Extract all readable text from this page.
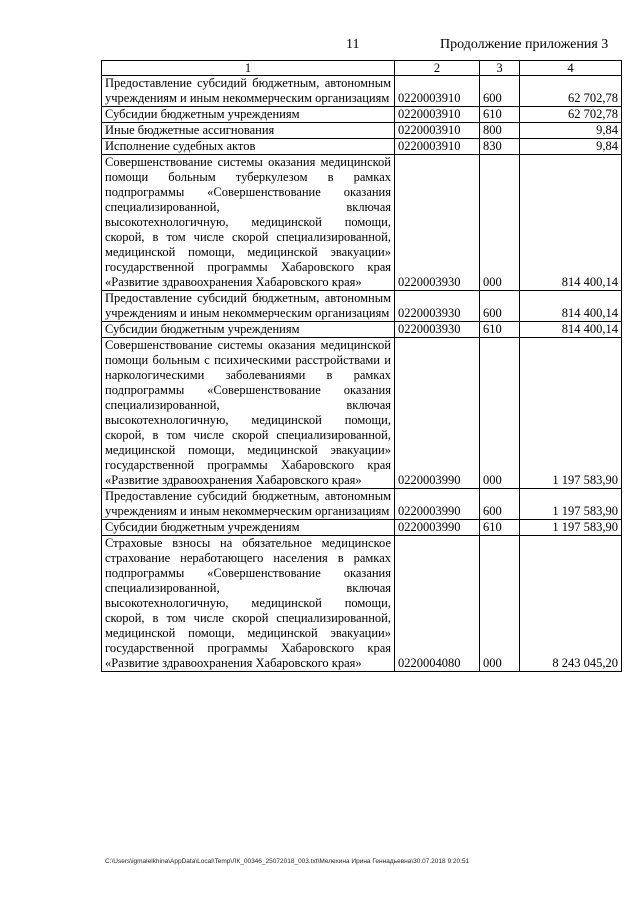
11	Продолжение приложения 3
1	2	3	4
Предоставление субсидий бюджетным, автономным учреждениям и иным некоммерческим организациям	0220003910	600	62 702,78
Субсидии бюджетным учреждениям	0220003910	610	62 702,78
Иные бюджетные ассигнования	0220003910	800	9,84
Исполнение судебных актов	0220003910	830	9,84
Совершенствование системы оказания медицинской помощи больным туберкулезом в рамках подпрограммы «Совершенствование оказания специализированной, включая высокотехнологичную, медицинской помощи, скорой, в том числе скорой специализированной, медицинской помощи, медицинской эвакуации» государственной программы Хабаровского края «Развитие здравоохранения Хабаровского края»	0220003930	000	814 400,14
Предоставление субсидий бюджетным, автономным учреждениям и иным некоммерческим организациям	0220003930	600	814 400,14
Субсидии бюджетным учреждениям	0220003930	610	814 400,14
Совершенствование системы оказания медицинской помощи больным с психическими расстройствами и наркологическими заболеваниями в рамках подпрограммы «Совершенствование оказания специализированной, включая высокотехнологичную, медицинской помощи, скорой, в том числе скорой специализированной, медицинской помощи, медицинской эвакуации» государственной программы Хабаровского края «Развитие здравоохранения Хабаровского края»	0220003990	000	1 197 583,90
Предоставление субсидий бюджетным, автономным учреждениям и иным некоммерческим организациям	0220003990	600	1 197 583,90
Субсидии бюджетным учреждениям	0220003990	610	1 197 583,90
Страховые взносы на обязательное медицинское страхование неработающего населения в рамках подпрограммы «Совершенствование оказания специализированной, включая высокотехнологичную, медицинской помощи, скорой, в том числе скорой специализированной, медицинской помощи, медицинской эвакуации» государственной программы Хабаровского края «Развитие здравоохранения Хабаровского края»	0220004080	000	8 243 045,20
C:\Users\igmalelkhina\AppData\Local\Temp\ЛК_00346_25072018_003.txt\Мелехина Ирина Геннадьевна\30.07.2018 9:20:51
